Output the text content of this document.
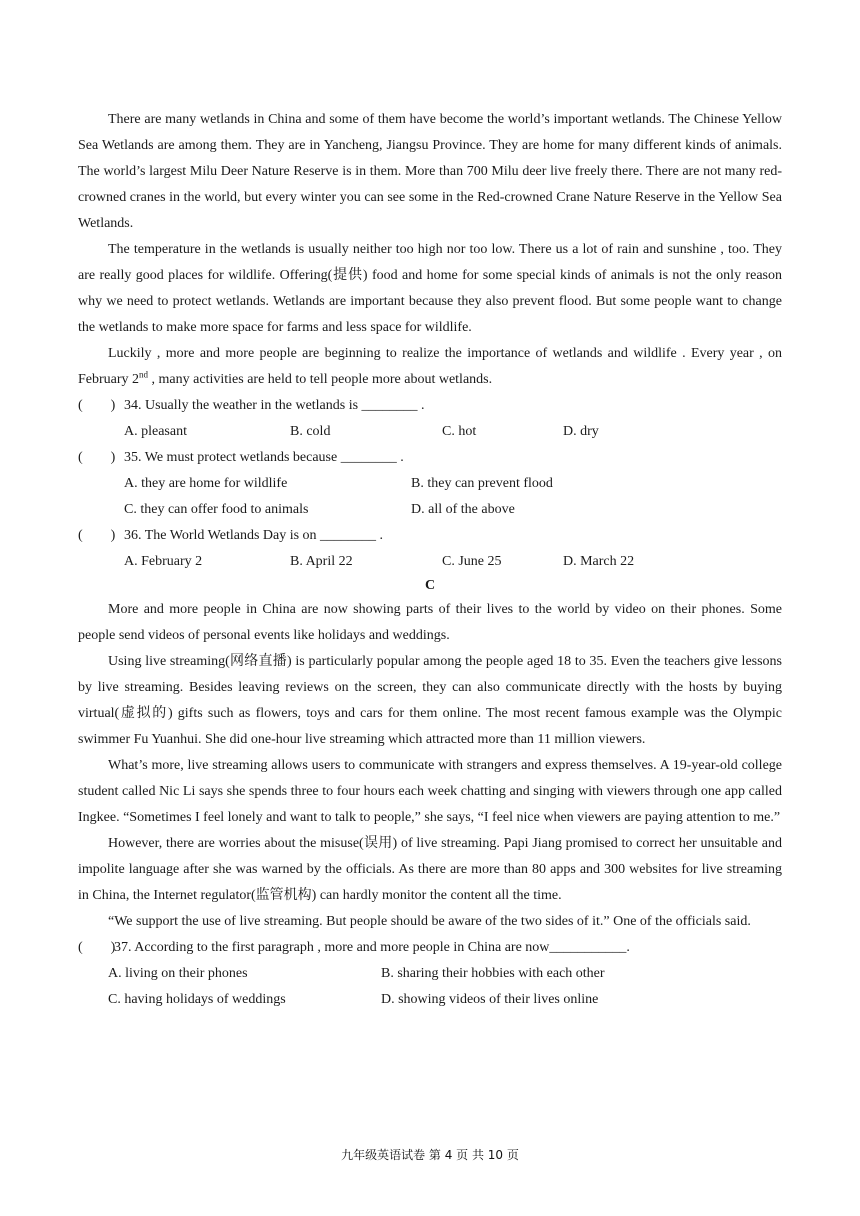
There are many wetlands in China and some of them have become the world’s important wetlands. The Chinese Yellow Sea Wetlands are among them. They are in Yancheng, Jiangsu Province. They are home for many different kinds of animals. The world’s largest Milu Deer Nature Reserve is in them. More than 700 Milu deer live freely there. There are not many red-crowned cranes in the world, but every winter you can see some in the Red-crowned Crane Nature Reserve in the Yellow Sea Wetlands.

The temperature in the wetlands is usually neither too high nor too low. There us a lot of rain and sunshine , too. They are really good places for wildlife. Offering(提供) food and home for some special kinds of animals is not the only reason why we need to protect wetlands. Wetlands are important because they also prevent flood. But some people want to change the wetlands to make more space for farms and less space for wildlife.

Luckily , more and more people are beginning to realize the importance of wetlands and wildlife . Every year , on February 2nd , many activities are held to tell people more about wetlands.

(        ) 34. Usually the weather in the wetlands is ________ .
A. pleasant	B. cold	C. hot	D. dry
(        ) 35. We must protect wetlands because ________ .
A. they are home for wildlife	B. they can prevent flood
C. they can offer food to animals	D. all of the above
(        ) 36. The World Wetlands Day is on ________ .
A. February 2	B. April 22	C. June 25	D. March 22
C

More and more people in China are now showing parts of their lives to the world by video on their phones. Some people send videos of personal events like holidays and weddings.

Using live streaming(网络直播) is particularly popular among the people aged 18 to 35. Even the teachers give lessons by live streaming. Besides leaving reviews on the screen, they can also communicate directly with the hosts by buying virtual(虚拟的) gifts such as flowers, toys and cars for them online. The most recent famous example was the Olympic swimmer Fu Yuanhui. She did one-hour live streaming which attracted more than 11 million viewers.

What’s more, live streaming allows users to communicate with strangers and express themselves. A 19-year-old college student called Nic Li says she spends three to four hours each week chatting and singing with viewers through one app called Ingkee. “Sometimes I feel lonely and want to talk to people,” she says, “I feel nice when viewers are paying attention to me.”

However, there are worries about the misuse(误用) of live streaming. Papi Jiang promised to correct her unsuitable and impolite language after she was warned by the officials. As there are more than 80 apps and 300 websites for live streaming in China, the Internet regulator(监管机构) can hardly monitor the content all the time.

“We support the use of live streaming. But people should be aware of the two sides of it.” One of the officials said.

(        )
37. According to the first paragraph , more and more people in China are now___________.
A. living on their phones	B. sharing their hobbies with each other
C. having holidays of weddings	D. showing videos of their lives online
九年级英语试卷 第 4 页 共 10 页
